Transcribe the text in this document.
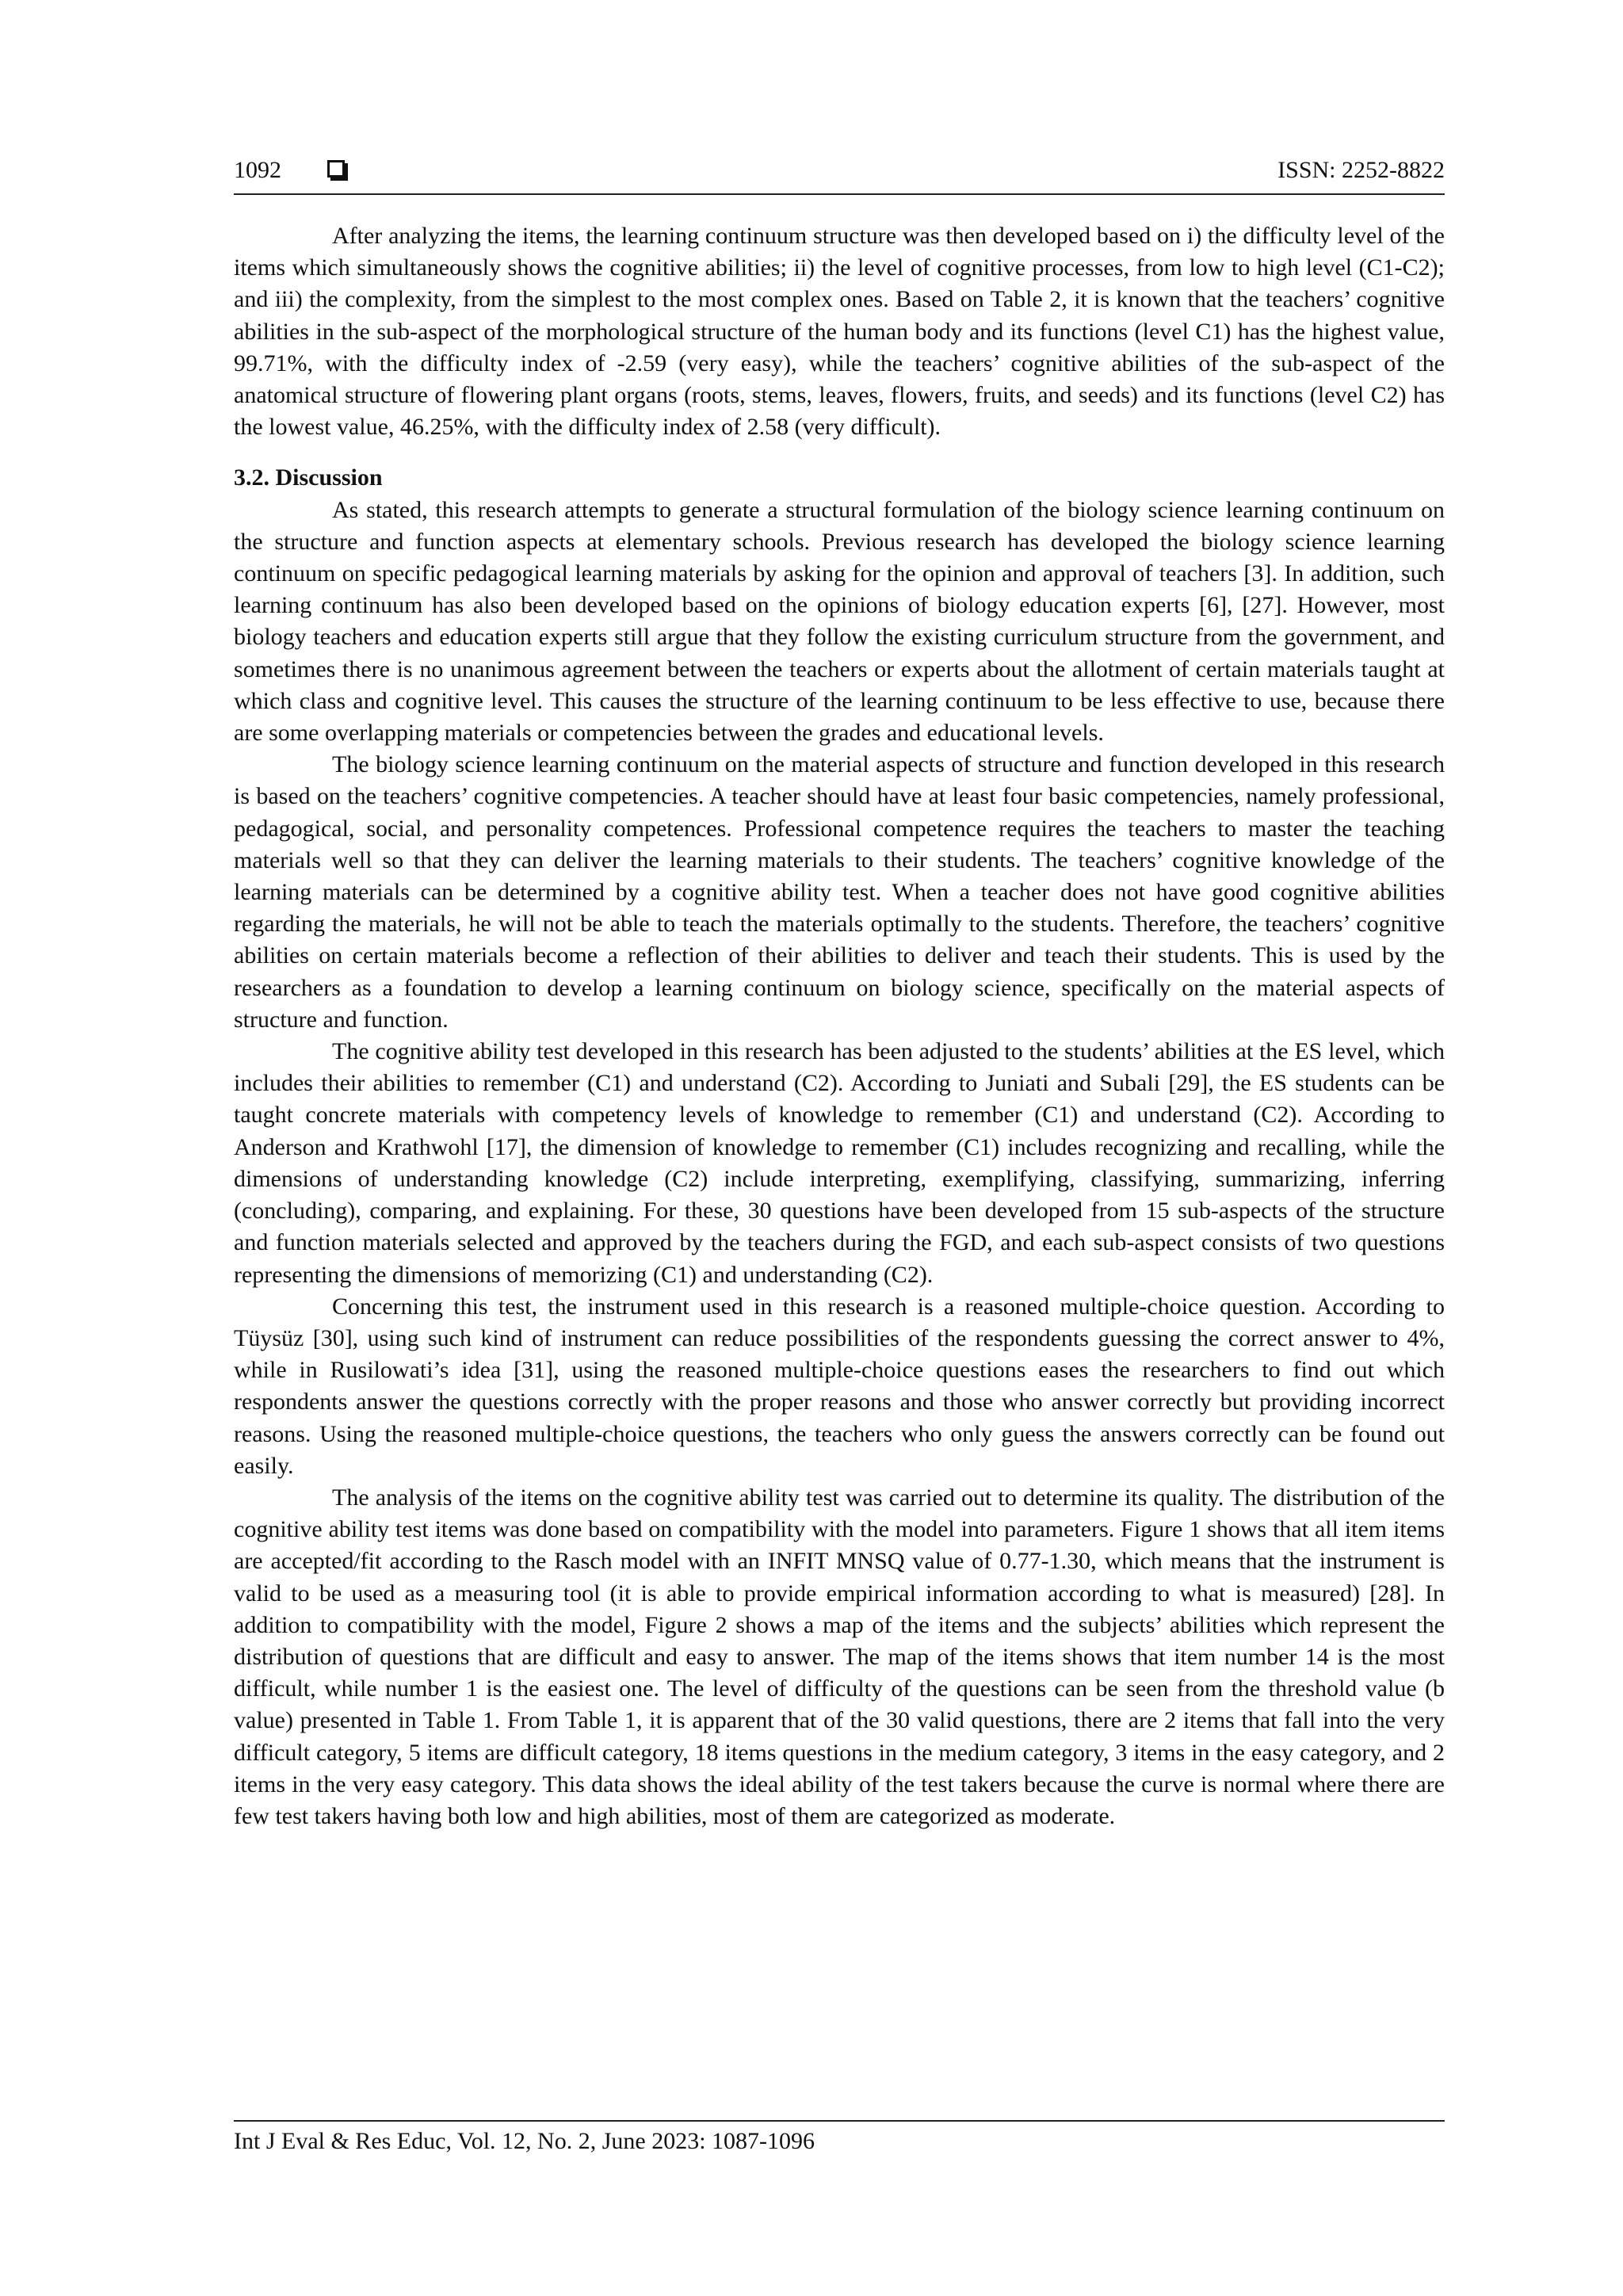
1092	ISSN: 2252-8822

After analyzing the items, the learning continuum structure was then developed based on i) the difficulty level of the items which simultaneously shows the cognitive abilities; ii) the level of cognitive processes, from low to high level (C1-C2); and iii) the complexity, from the simplest to the most complex ones. Based on Table 2, it is known that the teachers’ cognitive abilities in the sub-aspect of the morphological structure of the human body and its functions (level C1) has the highest value, 99.71%, with the difficulty index of -2.59 (very easy), while the teachers’ cognitive abilities of the sub-aspect of the anatomical structure of flowering plant organs (roots, stems, leaves, flowers, fruits, and seeds) and its functions (level C2) has the lowest value, 46.25%, with the difficulty index of 2.58 (very difficult).

3.2. Discussion

As stated, this research attempts to generate a structural formulation of the biology science learning continuum on the structure and function aspects at elementary schools. Previous research has developed the biology science learning continuum on specific pedagogical learning materials by asking for the opinion and approval of teachers [3]. In addition, such learning continuum has also been developed based on the opinions of biology education experts [6], [27]. However, most biology teachers and education experts still argue that they follow the existing curriculum structure from the government, and sometimes there is no unanimous agreement between the teachers or experts about the allotment of certain materials taught at which class and cognitive level. This causes the structure of the learning continuum to be less effective to use, because there are some overlapping materials or competencies between the grades and educational levels.

The biology science learning continuum on the material aspects of structure and function developed in this research is based on the teachers’ cognitive competencies. A teacher should have at least four basic competencies, namely professional, pedagogical, social, and personality competences. Professional competence requires the teachers to master the teaching materials well so that they can deliver the learning materials to their students. The teachers’ cognitive knowledge of the learning materials can be determined by a cognitive ability test. When a teacher does not have good cognitive abilities regarding the materials, he will not be able to teach the materials optimally to the students. Therefore, the teachers’ cognitive abilities on certain materials become a reflection of their abilities to deliver and teach their students. This is used by the researchers as a foundation to develop a learning continuum on biology science, specifically on the material aspects of structure and function.

The cognitive ability test developed in this research has been adjusted to the students’ abilities at the ES level, which includes their abilities to remember (C1) and understand (C2). According to Juniati and Subali [29], the ES students can be taught concrete materials with competency levels of knowledge to remember (C1) and understand (C2). According to Anderson and Krathwohl [17], the dimension of knowledge to remember (C1) includes recognizing and recalling, while the dimensions of understanding knowledge (C2) include interpreting, exemplifying, classifying, summarizing, inferring (concluding), comparing, and explaining. For these, 30 questions have been developed from 15 sub-aspects of the structure and function materials selected and approved by the teachers during the FGD, and each sub-aspect consists of two questions representing the dimensions of memorizing (C1) and understanding (C2).

Concerning this test, the instrument used in this research is a reasoned multiple-choice question. According to Tüysüz [30], using such kind of instrument can reduce possibilities of the respondents guessing the correct answer to 4%, while in Rusilowati’s idea [31], using the reasoned multiple-choice questions eases the researchers to find out which respondents answer the questions correctly with the proper reasons and those who answer correctly but providing incorrect reasons. Using the reasoned multiple-choice questions, the teachers who only guess the answers correctly can be found out easily.

The analysis of the items on the cognitive ability test was carried out to determine its quality. The distribution of the cognitive ability test items was done based on compatibility with the model into parameters. Figure 1 shows that all item items are accepted/fit according to the Rasch model with an INFIT MNSQ value of 0.77-1.30, which means that the instrument is valid to be used as a measuring tool (it is able to provide empirical information according to what is measured) [28]. In addition to compatibility with the model, Figure 2 shows a map of the items and the subjects’ abilities which represent the distribution of questions that are difficult and easy to answer. The map of the items shows that item number 14 is the most difficult, while number 1 is the easiest one. The level of difficulty of the questions can be seen from the threshold value (b value) presented in Table 1. From Table 1, it is apparent that of the 30 valid questions, there are 2 items that fall into the very difficult category, 5 items are difficult category, 18 items questions in the medium category, 3 items in the easy category, and 2 items in the very easy category. This data shows the ideal ability of the test takers because the curve is normal where there are few test takers having both low and high abilities, most of them are categorized as moderate.

Int J Eval & Res Educ, Vol. 12, No. 2, June 2023: 1087-1096
